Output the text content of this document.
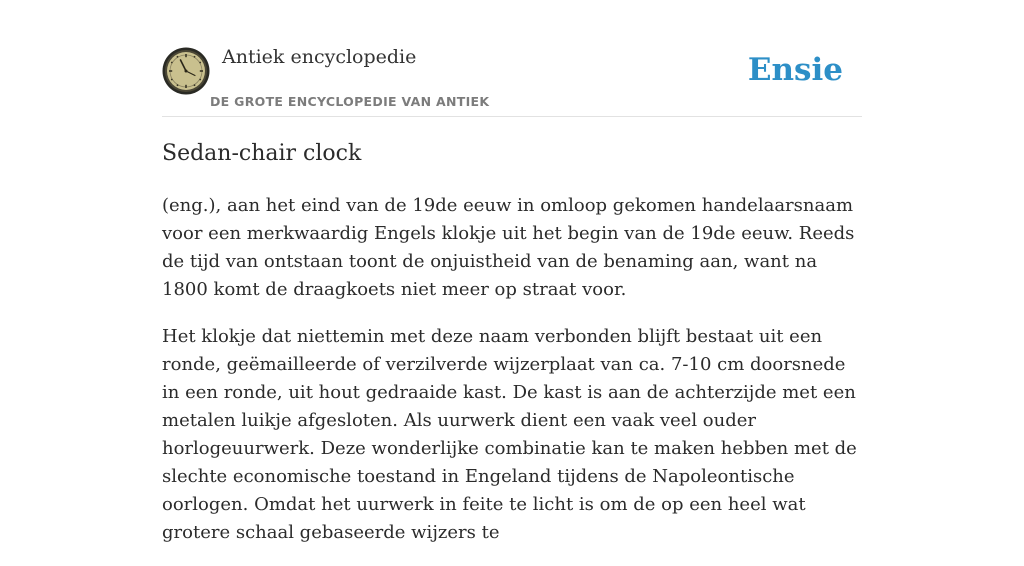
Antiek encyclopedie
DE GROTE ENCYCLOPEDIE VAN ANTIEK
Ensie
Sedan-chair clock

(eng.), aan het eind van de 19de eeuw in omloop gekomen handelaarsnaam voor een merkwaardig Engels klokje uit het begin van de 19de eeuw. Reeds de tijd van ontstaan toont de onjuistheid van de benaming aan, want na 1800 komt de draagkoets niet meer op straat voor.

Het klokje dat niettemin met deze naam verbonden blijft bestaat uit een ronde, geëmailleerde of verzilverde wijzerplaat van ca. 7-10 cm doorsnede in een ronde, uit hout gedraaide kast. De kast is aan de achterzijde met een metalen luikje afgesloten. Als uurwerk dient een vaak veel ouder horlogeuurwerk. Deze wonderlijke combinatie kan te maken hebben met de slechte economische toestand in Engeland tijdens de Napoleontische oorlogen. Omdat het uurwerk in feite te licht is om de op een heel wat grotere schaal gebaseerde wijzers te
